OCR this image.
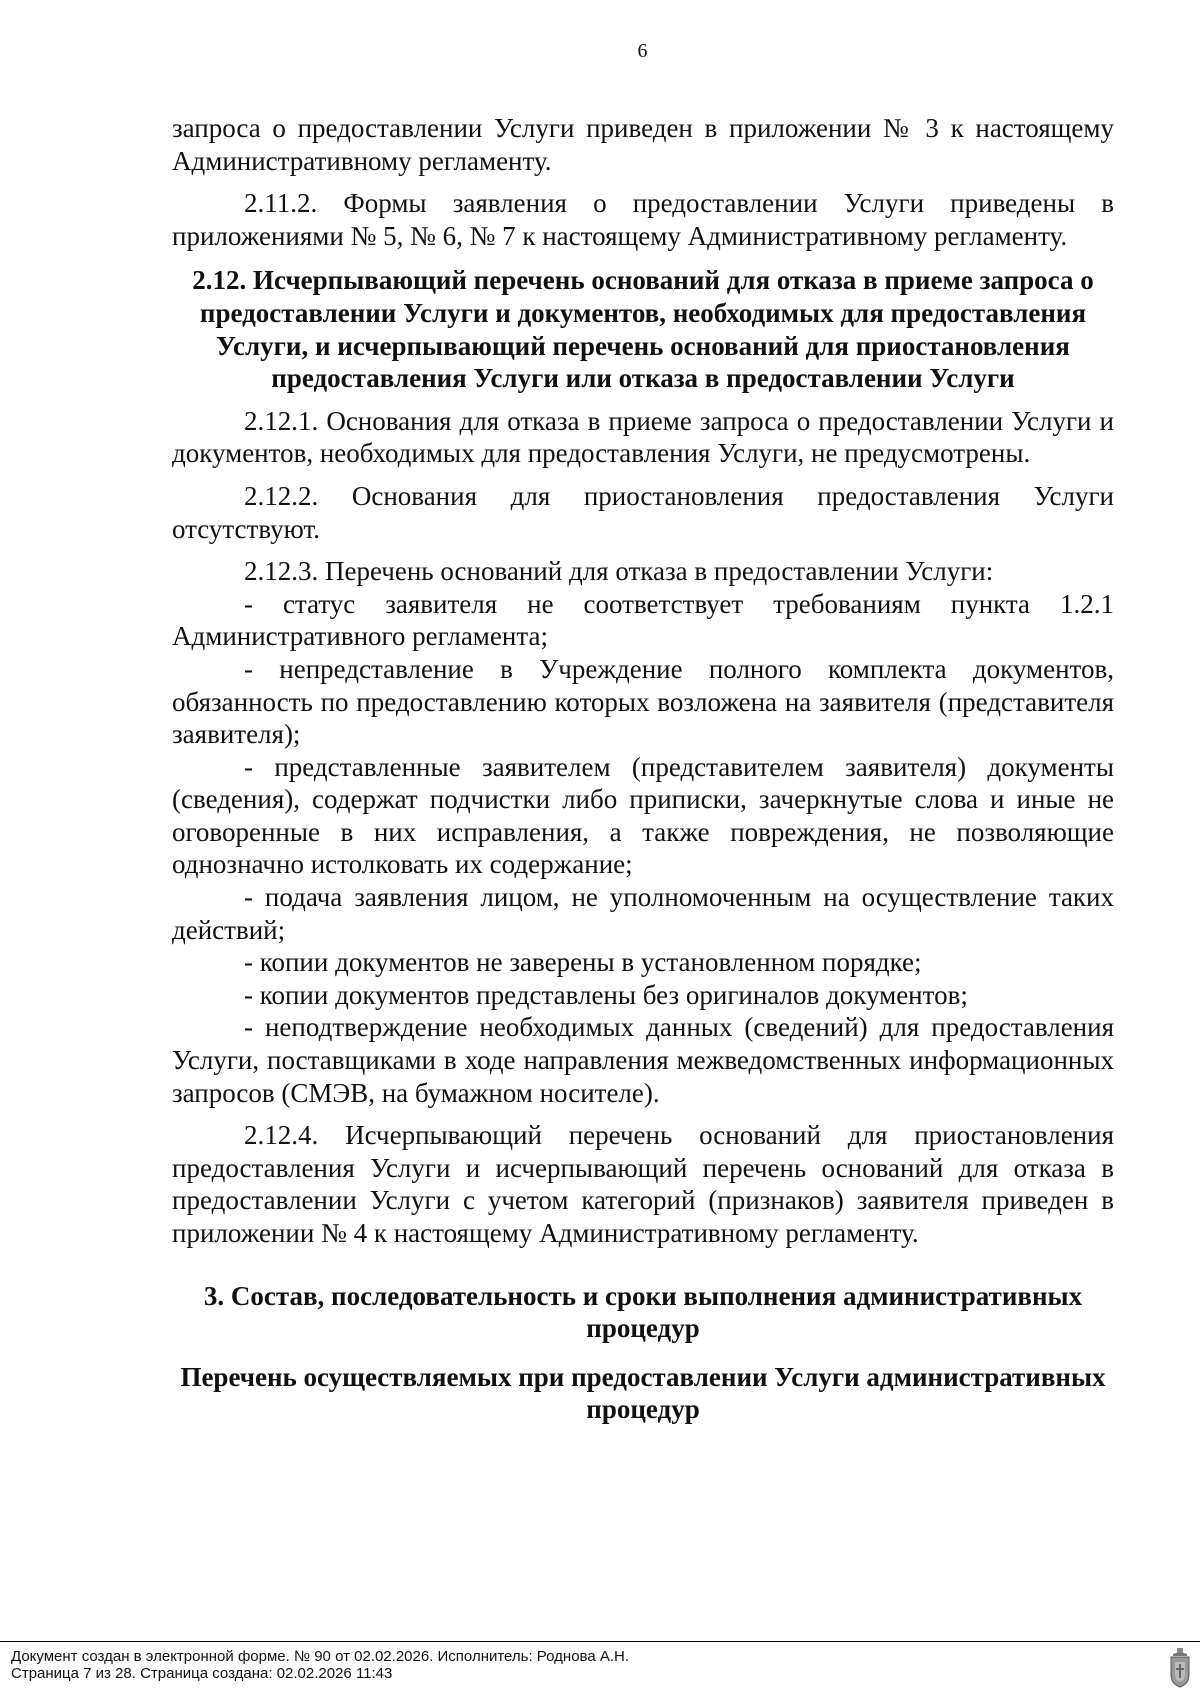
6

запроса о предоставлении Услуги приведен в приложении № 3 к настоящему Административному регламенту.

2.11.2. Формы заявления о предоставлении Услуги приведены в приложениями № 5, № 6, № 7 к настоящему Административному регламенту.

2.12. Исчерпывающий перечень оснований для отказа в приеме запроса о предоставлении Услуги и документов, необходимых для предоставления Услуги, и исчерпывающий перечень оснований для приостановления предоставления Услуги или отказа в предоставлении Услуги

2.12.1. Основания для отказа в приеме запроса о предоставлении Услуги и документов, необходимых для предоставления Услуги, не предусмотрены.

2.12.2. Основания для приостановления предоставления Услуги отсутствуют.

2.12.3. Перечень оснований для отказа в предоставлении Услуги:

- статус заявителя не соответствует требованиям пункта 1.2.1 Административного регламента;

- непредставление в Учреждение полного комплекта документов, обязанность по предоставлению которых возложена на заявителя (представителя заявителя);

- представленные заявителем (представителем заявителя) документы (сведения), содержат подчистки либо приписки, зачеркнутые слова и иные не оговоренные в них исправления, а также повреждения, не позволяющие однозначно истолковать их содержание;

- подача заявления лицом, не уполномоченным на осуществление таких действий;

- копии документов не заверены в установленном порядке;

- копии документов представлены без оригиналов документов;

- неподтверждение необходимых данных (сведений) для предоставления Услуги, поставщиками в ходе направления межведомственных информационных запросов (СМЭВ, на бумажном носителе).

2.12.4. Исчерпывающий перечень оснований для приостановления предоставления Услуги и исчерпывающий перечень оснований для отказа в предоставлении Услуги с учетом категорий (признаков) заявителя приведен в приложении № 4 к настоящему Административному регламенту.

3. Состав, последовательность и сроки выполнения административных процедур

Перечень осуществляемых при предоставлении Услуги административных процедур

Документ создан в электронной форме. № 90 от 02.02.2026. Исполнитель: Роднова А.Н.
Страница 7 из 28. Страница создана: 02.02.2026 11:43
